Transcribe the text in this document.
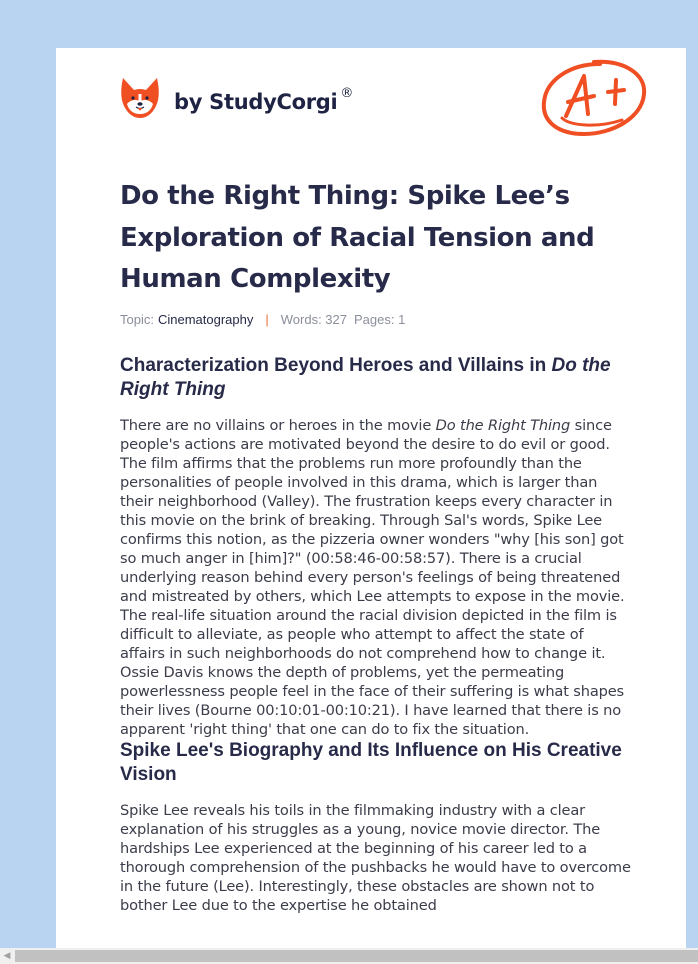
by StudyCorgi ®
Do the Right Thing: Spike Lee’s Exploration of Racial Tension and Human Complexity
Topic: Cinematography | Words: 327 Pages: 1
Characterization Beyond Heroes and Villains in Do the Right Thing

There are no villains or heroes in the movie Do the Right Thing since people's actions are motivated beyond the desire to do evil or good. The film affirms that the problems run more profoundly than the personalities of people involved in this drama, which is larger than their neighborhood (Valley). The frustration keeps every character in this movie on the brink of breaking. Through Sal's words, Spike Lee confirms this notion, as the pizzeria owner wonders "why [his son] got so much anger in [him]?" (00:58:46-00:58:57). There is a crucial underlying reason behind every person's feelings of being threatened and mistreated by others, which Lee attempts to expose in the movie. The real-life situation around the racial division depicted in the film is difficult to alleviate, as people who attempt to affect the state of affairs in such neighborhoods do not comprehend how to change it. Ossie Davis knows the depth of problems, yet the permeating powerlessness people feel in the face of their suffering is what shapes their lives (Bourne 00:10:01-00:10:21). I have learned that there is no apparent 'right thing' that one can do to fix the situation.

Spike Lee's Biography and Its Influence on His Creative Vision

Spike Lee reveals his toils in the filmmaking industry with a clear explanation of his struggles as a young, novice movie director. The hardships Lee experienced at the beginning of his career led to a thorough comprehension of the pushbacks he would have to overcome in the future (Lee). Interestingly, these obstacles are shown not to bother Lee due to the expertise he obtained

◀
